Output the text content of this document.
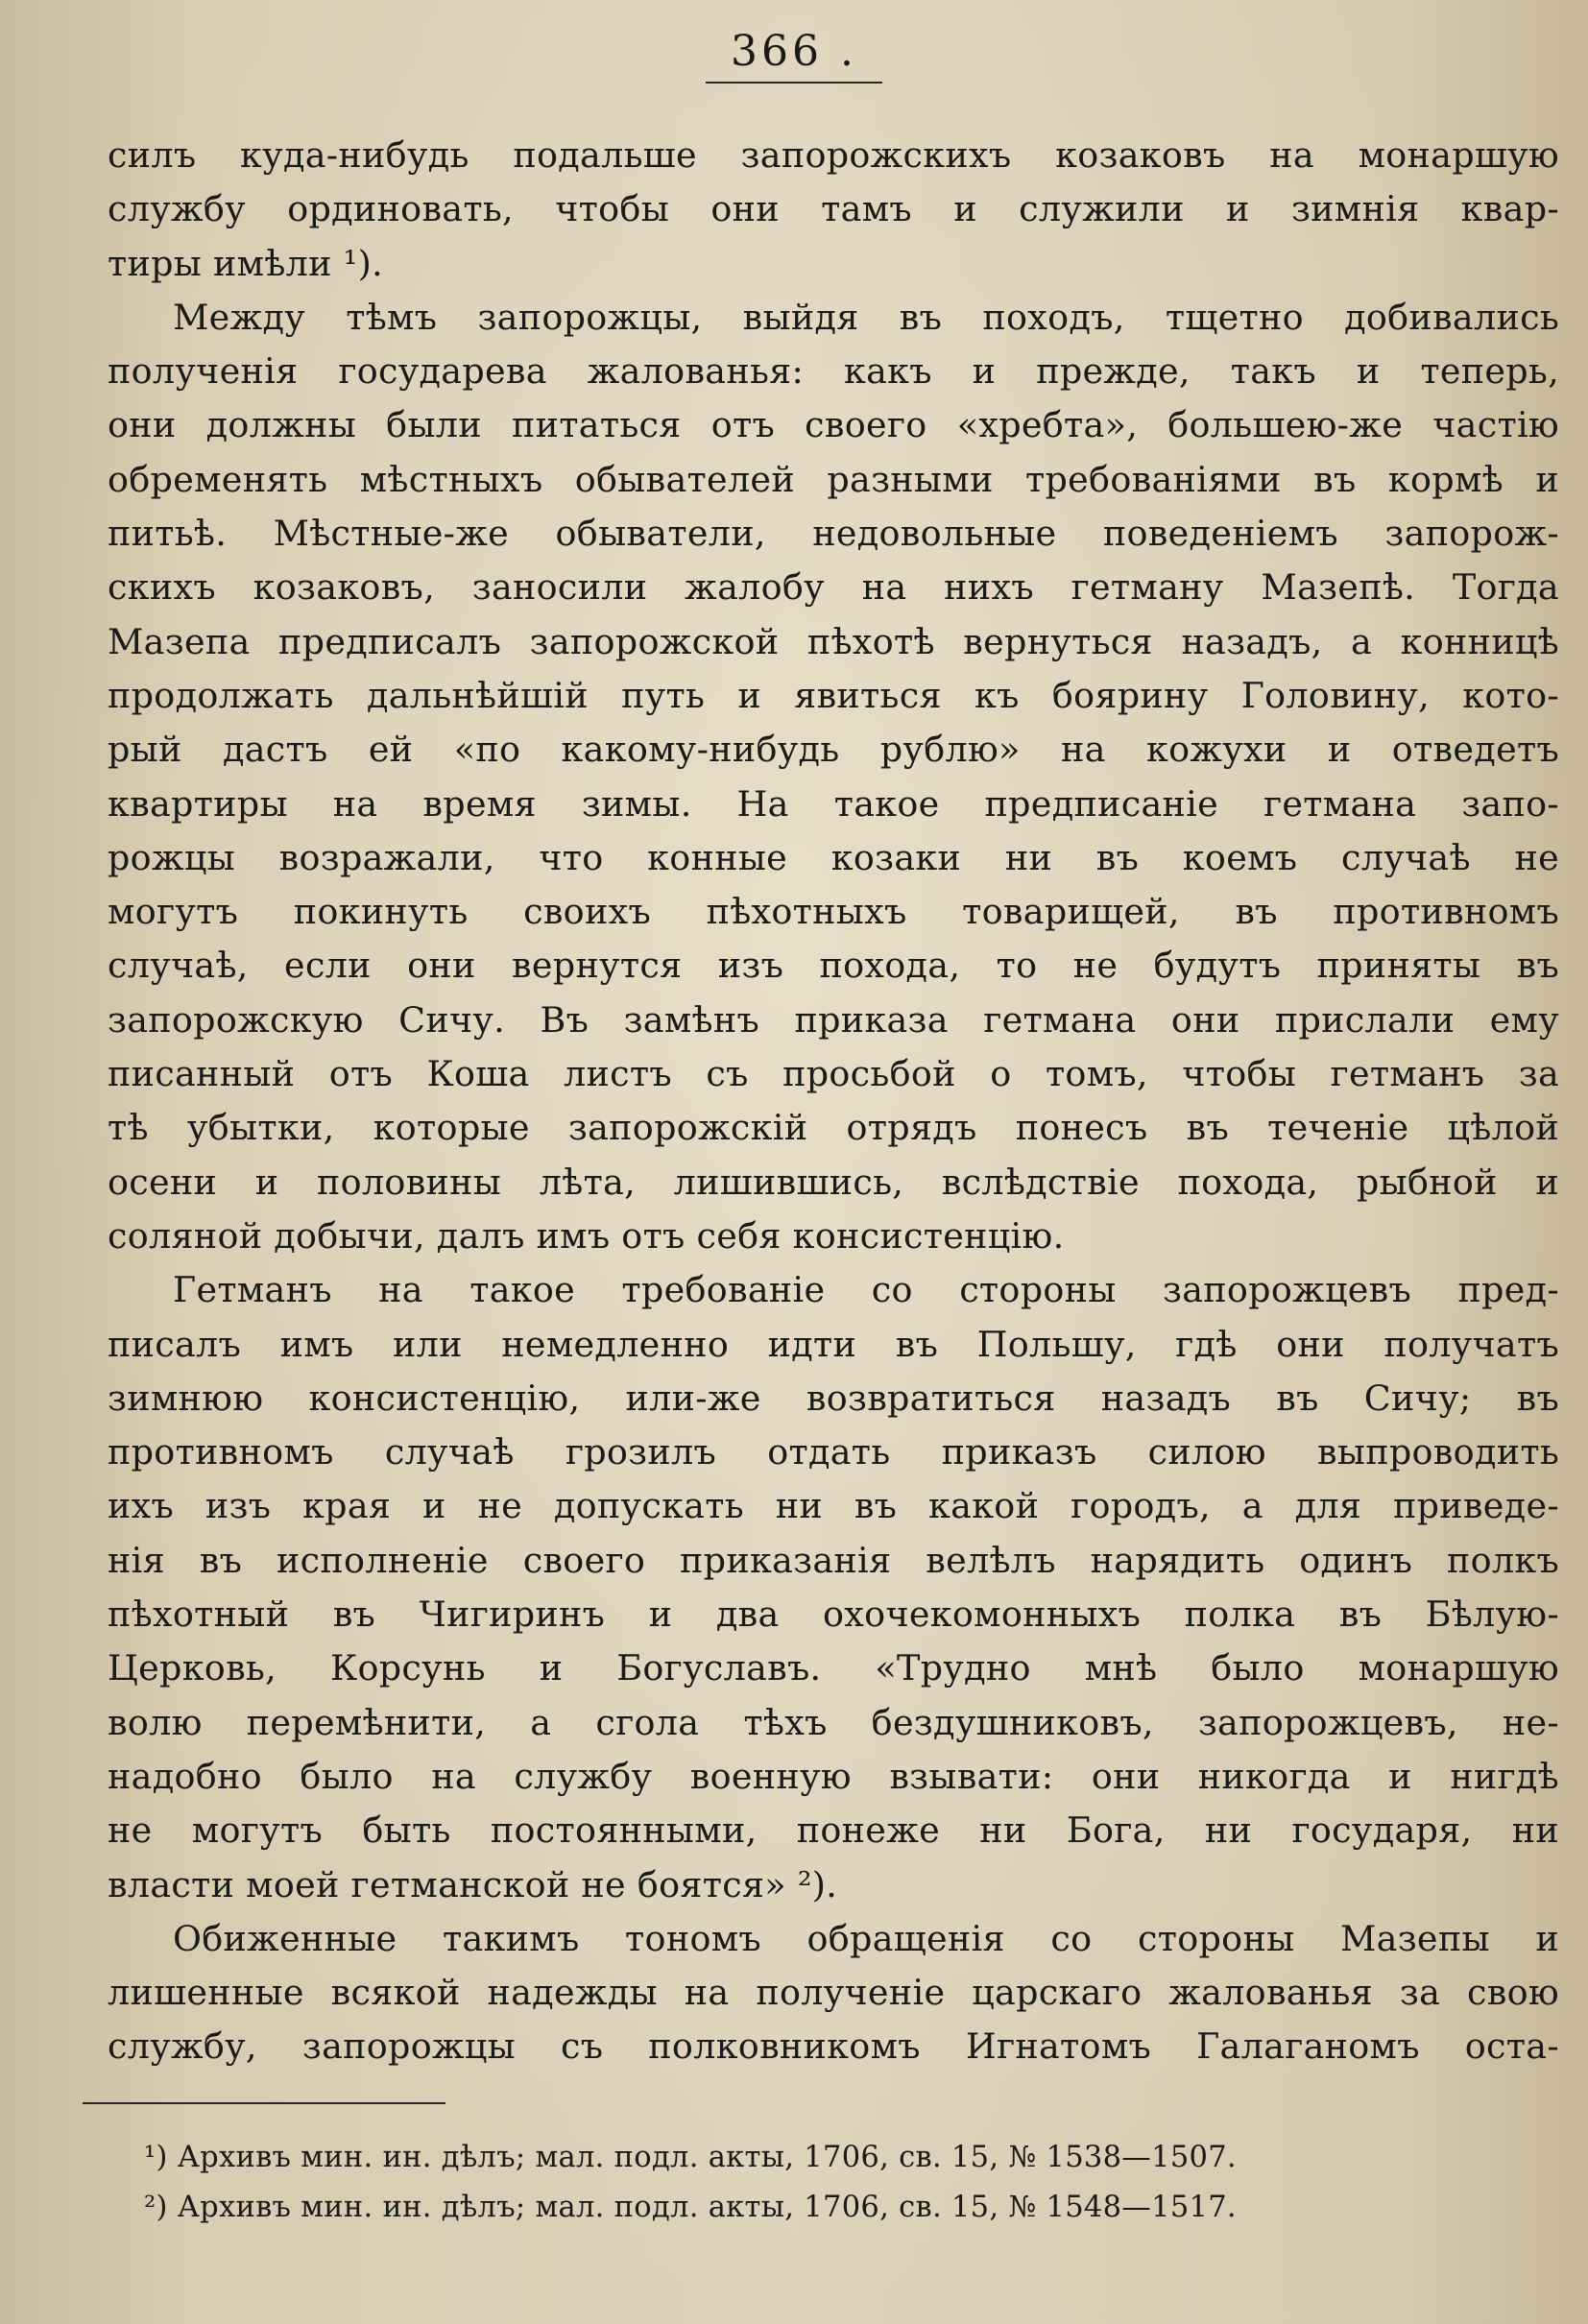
366 .
силъ куда-нибудь подальше запорожскихъ козаковъ на монаршую
службу ординовать, чтобы они тамъ и служили и зимнія квар-
тиры имѣли ¹).
Между тѣмъ запорожцы, выйдя въ походъ, тщетно добивались
полученія государева жалованья: какъ и прежде, такъ и теперь,
они должны были питаться отъ своего «хребта», большею-же частію
обременять мѣстныхъ обывателей разными требованіями въ кормѣ и
питьѣ. Мѣстные-же обыватели, недовольные поведеніемъ запорож-
скихъ козаковъ, заносили жалобу на нихъ гетману Мазепѣ. Тогда
Мазепа предписалъ запорожской пѣхотѣ вернуться назадъ, а конницѣ
продолжать дальнѣйшій путь и явиться къ боярину Головину, кото-
рый дастъ ей «по какому-нибудь рублю» на кожухи и отведетъ
квартиры на время зимы. На такое предписаніе гетмана запо-
рожцы возражали, что конные козаки ни въ коемъ случаѣ не
могутъ покинуть своихъ пѣхотныхъ товарищей, въ противномъ
случаѣ, если они вернутся изъ похода, то не будутъ приняты въ
запорожскую Сичу. Въ замѣнъ приказа гетмана они прислали ему
писанный отъ Коша листъ съ просьбой о томъ, чтобы гетманъ за
тѣ убытки, которые запорожскій отрядъ понесъ въ теченіе цѣлой
осени и половины лѣта, лишившись, вслѣдствіе похода, рыбной и
соляной добычи, далъ имъ отъ себя консистенцію.
Гетманъ на такое требованіе со стороны запорожцевъ пред-
писалъ имъ или немедленно идти въ Польшу, гдѣ они получатъ
зимнюю консистенцію, или-же возвратиться назадъ въ Сичу; въ
противномъ случаѣ грозилъ отдать приказъ силою выпроводить
ихъ изъ края и не допускать ни въ какой городъ, а для приведе-
нія въ исполненіе своего приказанія велѣлъ нарядить одинъ полкъ
пѣхотный въ Чигиринъ и два охочекомонныхъ полка въ Бѣлую-
Церковь, Корсунь и Богуславъ. «Трудно мнѣ было монаршую
волю перемѣнити, а сгола тѣхъ бездушниковъ, запорожцевъ, не-
надобно было на службу военную взывати: они никогда и нигдѣ
не могутъ быть постоянными, понеже ни Бога, ни государя, ни
власти моей гетманской не боятся» ²).
Обиженные такимъ тономъ обращенія со стороны Мазепы и
лишенные всякой надежды на полученіе царскаго жалованья за свою
службу, запорожцы съ полковникомъ Игнатомъ Галаганомъ оста-
¹) Архивъ мин. ин. дѣлъ; мал. подл. акты, 1706, св. 15, № 1538—1507.
²) Архивъ мин. ин. дѣлъ; мал. подл. акты, 1706, св. 15, № 1548—1517.
